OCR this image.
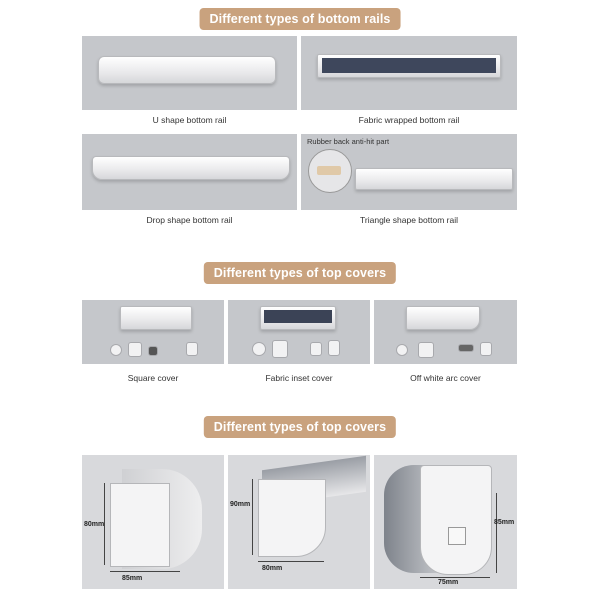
Different types of bottom rails
U shape bottom rail	Fabric wrapped bottom rail
Drop shape bottom rail
Rubber back anti-hit part
Triangle shape bottom rail
Different types of top covers
Square cover	Fabric inset cover	Off white arc cover
Different types of top covers
80mm
85mm
90mm
80mm
85mm
75mm
